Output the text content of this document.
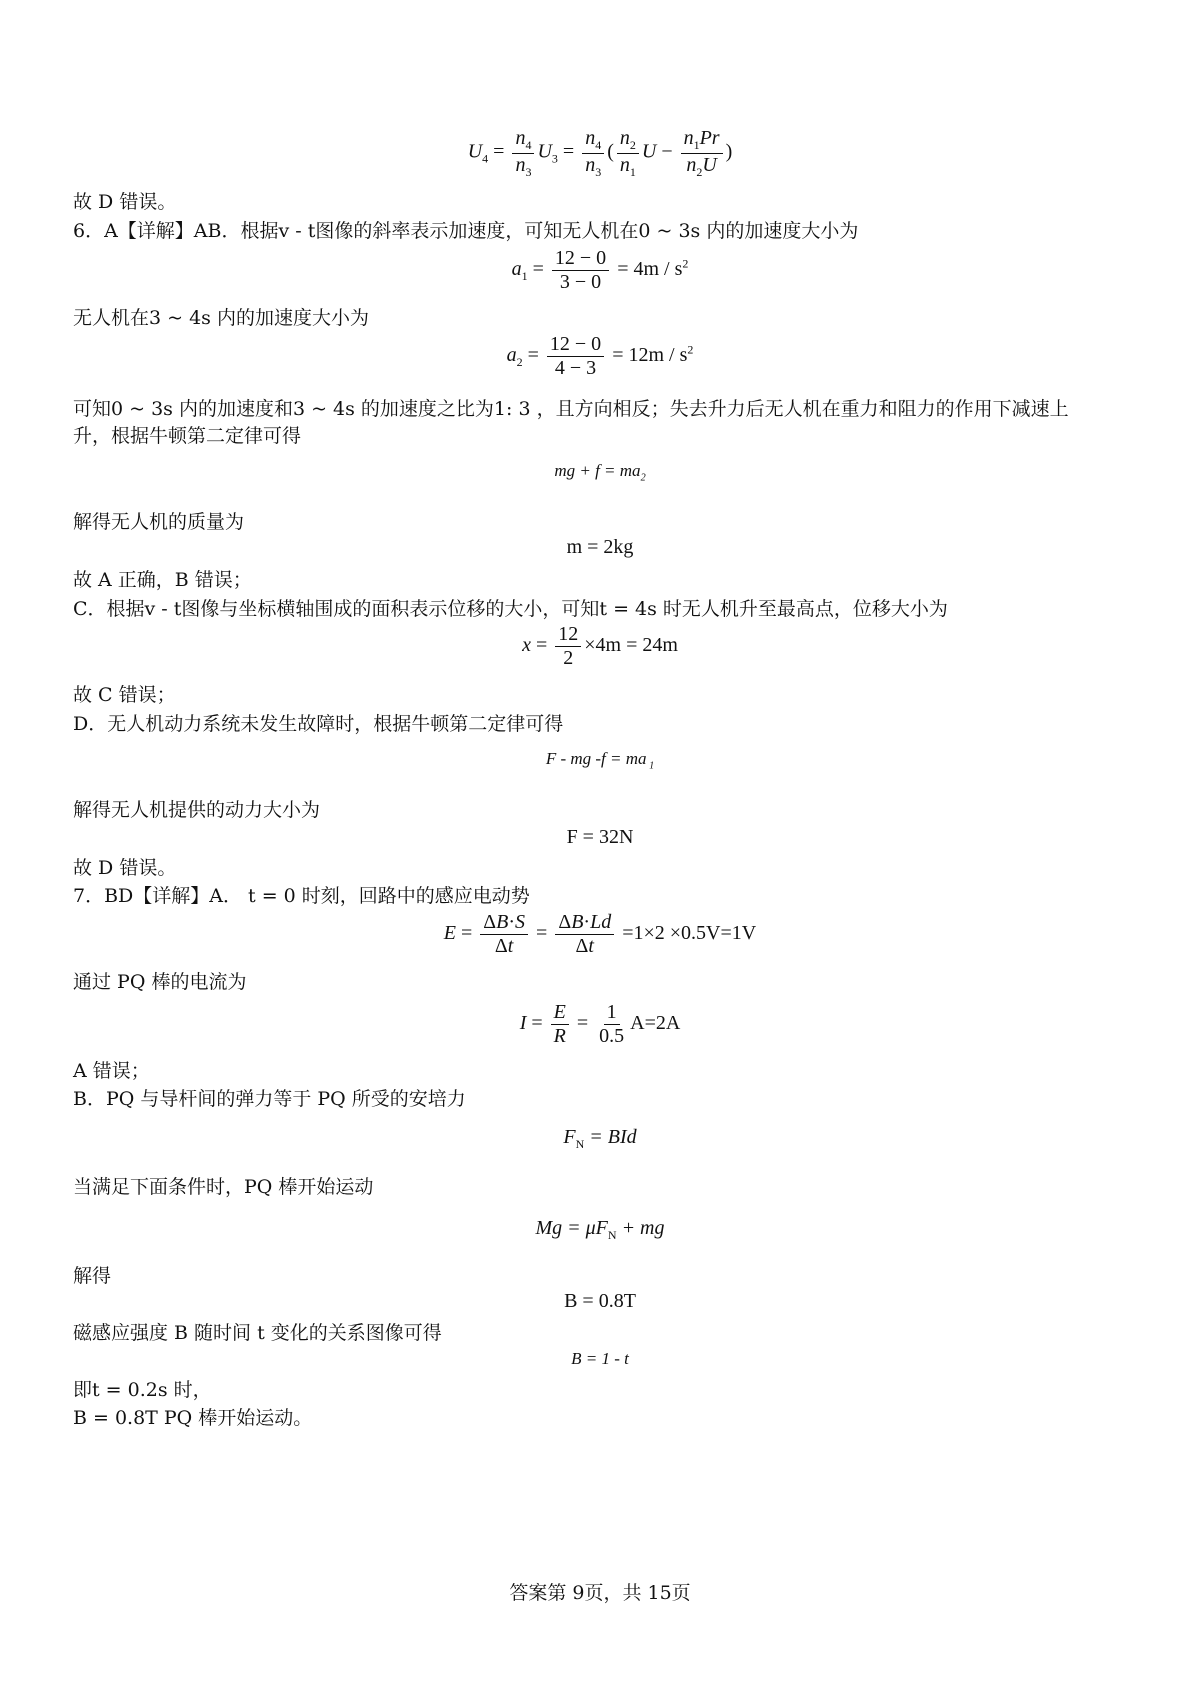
$U_4 = \frac{n_4}{n_3} U_3 = \frac{n_4}{n_3}$ ( $\frac{n_2}{n_1}$ $U - \frac{n_1Pr}{n_2U}$ )
故 D 错误。
6．A【详解】AB．根据v - t图像的斜率表示加速度，可知无人机在0 ~ 3s 内的加速度大小为
$a_1 = \frac{12 - 0}{3 - 0} = 4m / s^2$
无人机在3 ~ 4s 内的加速度大小为
$a_2 = \frac{12 - 0}{4 - 3} = 12m / s^2$
可知0 ~ 3s 内的加速度和3 ~ 4s 的加速度之比为1: 3 ，且方向相反；失去升力后无人机在重力和阻力的作用下减速上
升，根据牛顿第二定律可得
mg + $f = ma_2$
解得无人机的质量为
m = 2kg
故 A 正确，B 错误；
C．根据v - t图像与坐标横轴围成的面积表示位移的大小，可知t = 4s 时无人机升至最高点，位移大小为
$x = \frac{12}{2} \times 4m = 24m$
故 C 错误；
D．无人机动力系统未发生故障时，根据牛顿第二定律可得
F - mg -f = ma $_1$
解得无人机提供的动力大小为
F = 32N
故 D 错误。
7．BD【详解】A． t = 0 时刻，回路中的感应电动势
$E = \frac{\Delta B\cdot S}{\Delta t} = \frac{\Delta B\cdot Ld}{\Delta t} =1\times 2 \times 0.5V=1V$
通过 PQ 棒的电流为
$I = \frac{E}{R} = \frac{1}{0.5} A=2A$
A 错误；
B．PQ 与导杆间的弹力等于 PQ 所受的安培力
$F_N$ = BId
当满足下面条件时，PQ 棒开始运动
$Mg = \mu F_N$ + mg
解得
B = 0.8T
磁感应强度 B 随时间 t 变化的关系图像可得
B = 1 - t
即t = 0.2s 时，
B = 0.8T PQ 棒开始运动。
答案第 9页，共 15页
